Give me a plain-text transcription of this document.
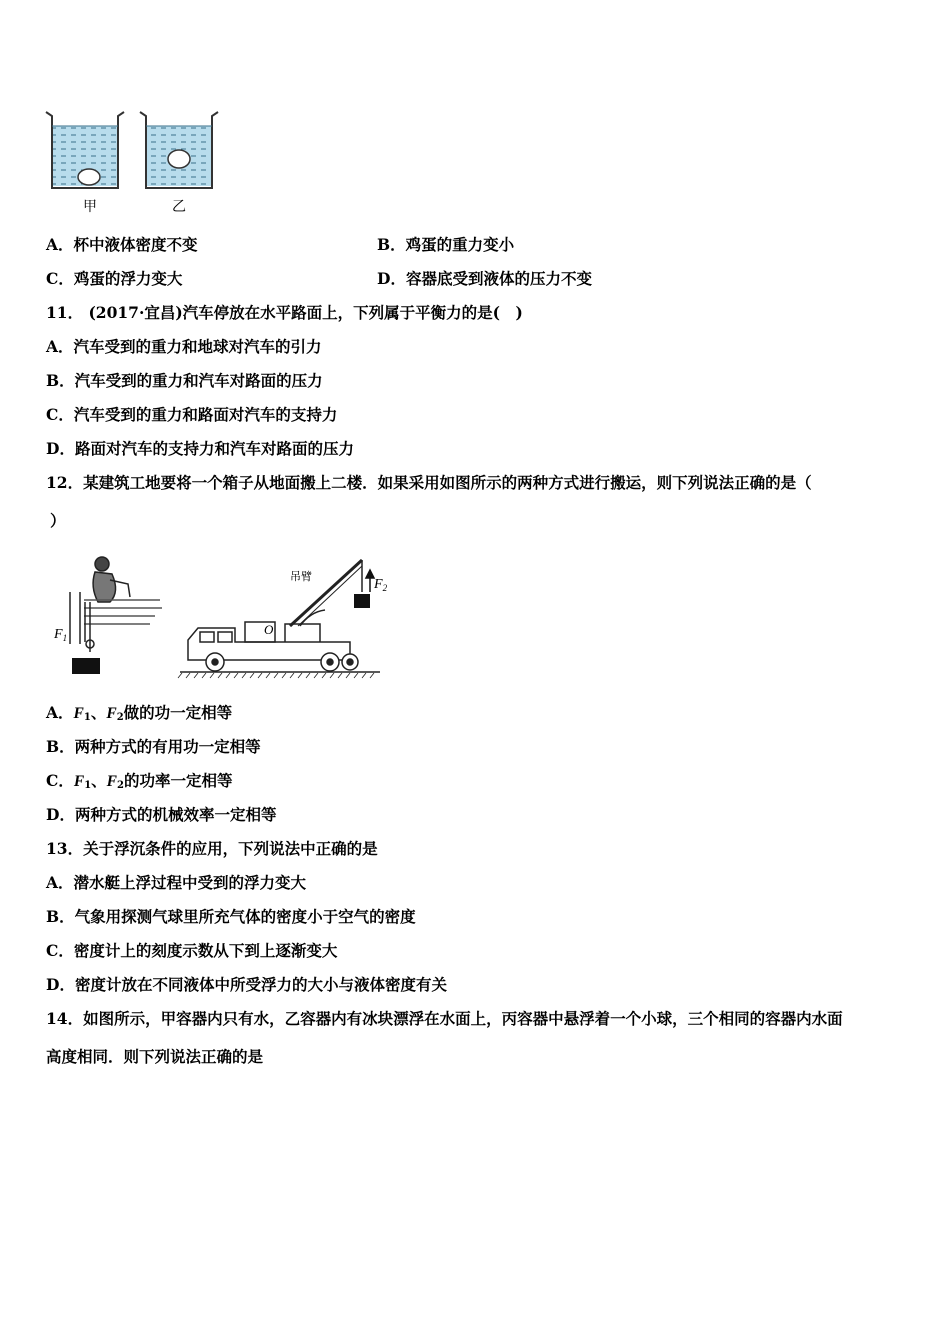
甲	乙
A．杯中液体密度不变	B．鸡蛋的重力变小
C．鸡蛋的浮力变大	D．容器底受到液体的压力不变
11． (2017·宜昌)汽车停放在水平路面上，下列属于平衡力的是(　)
A．汽车受到的重力和地球对汽车的引力
B．汽车受到的重力和汽车对路面的压力
C．汽车受到的重力和路面对汽车的支持力
D．路面对汽车的支持力和汽车对路面的压力
12．某建筑工地要将一个箱子从地面搬上二楼．如果采用如图所示的两种方式进行搬运，则下列说法正确的是（
）
$F_1$
$F_2$
吊臂
O
A．$F_1$、$F_2$做的功一定相等
B．两种方式的有用功一定相等
C．$F_1$、$F_2$的功率一定相等
D．两种方式的机械效率一定相等
13．关于浮沉条件的应用，下列说法中正确的是
A．潜水艇上浮过程中受到的浮力变大
B．气象用探测气球里所充气体的密度小于空气的密度
C．密度计上的刻度示数从下到上逐渐变大
D．密度计放在不同液体中所受浮力的大小与液体密度有关
14．如图所示，甲容器内只有水，乙容器内有冰块漂浮在水面上，丙容器中悬浮着一个小球，三个相同的容器内水面
高度相同．则下列说法正确的是
